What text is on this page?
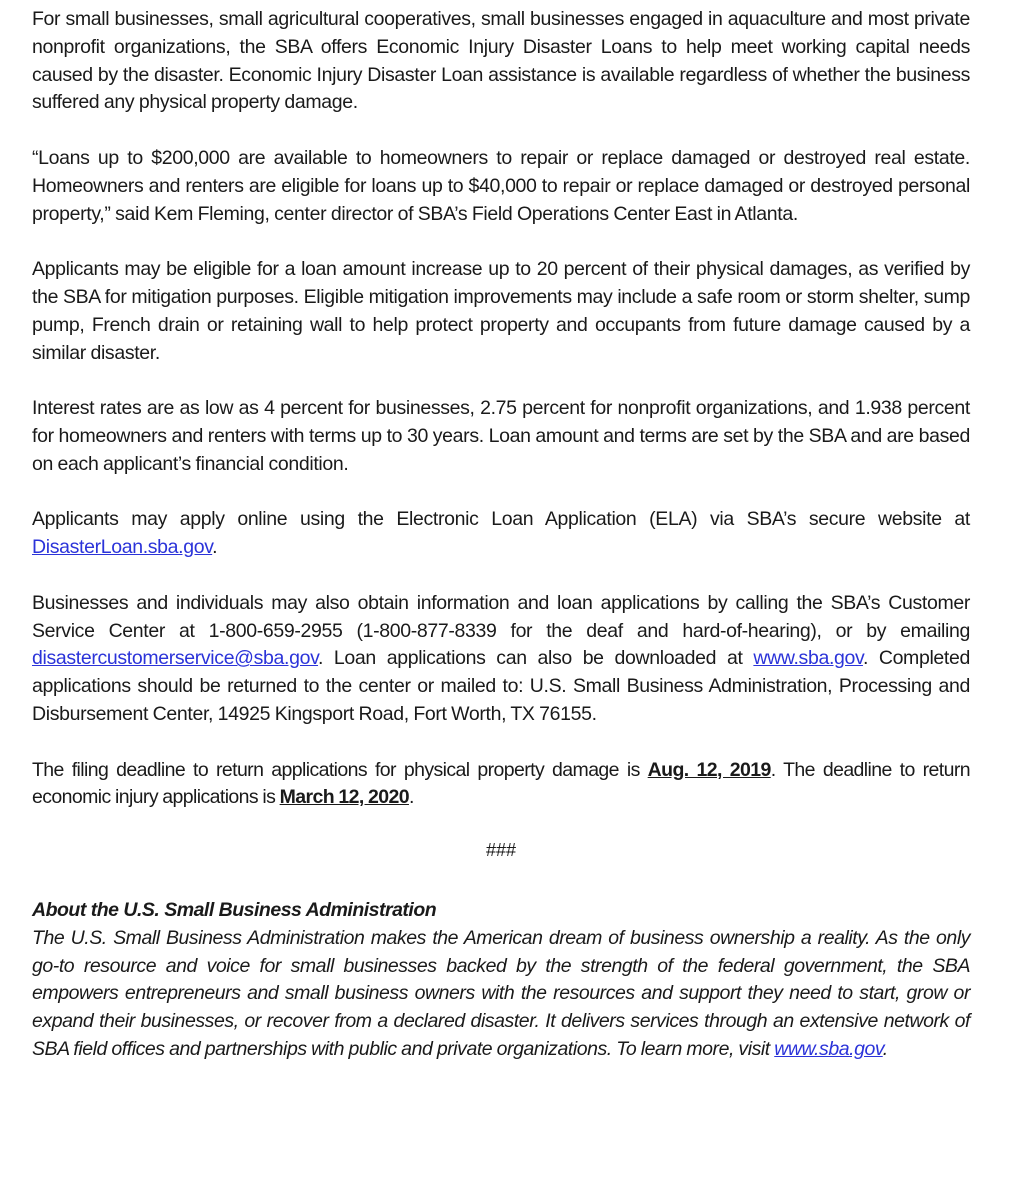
For small businesses, small agricultural cooperatives, small businesses engaged in aquaculture and most private nonprofit organizations, the SBA offers Economic Injury Disaster Loans to help meet working capital needs caused by the disaster. Economic Injury Disaster Loan assistance is available regardless of whether the business suffered any physical property damage.

“Loans up to $200,000 are available to homeowners to repair or replace damaged or destroyed real estate. Homeowners and renters are eligible for loans up to $40,000 to repair or replace damaged or destroyed personal property,” said Kem Fleming, center director of SBA’s Field Operations Center East in Atlanta.

Applicants may be eligible for a loan amount increase up to 20 percent of their physical damages, as verified by the SBA for mitigation purposes. Eligible mitigation improvements may include a safe room or storm shelter, sump pump, French drain or retaining wall to help protect property and occupants from future damage caused by a similar disaster.

Interest rates are as low as 4 percent for businesses, 2.75 percent for nonprofit organizations, and 1.938 percent for homeowners and renters with terms up to 30 years. Loan amount and terms are set by the SBA and are based on each applicant’s financial condition.

Applicants may apply online using the Electronic Loan Application (ELA) via SBA’s secure website at DisasterLoan.sba.gov.

Businesses and individuals may also obtain information and loan applications by calling the SBA’s Customer Service Center at 1-800-659-2955 (1-800-877-8339 for the deaf and hard-of-hearing), or by emailing disastercustomerservice@sba.gov. Loan applications can also be downloaded at www.sba.gov. Completed applications should be returned to the center or mailed to: U.S. Small Business Administration, Processing and Disbursement Center, 14925 Kingsport Road, Fort Worth, TX 76155.

The filing deadline to return applications for physical property damage is Aug. 12, 2019. The deadline to return economic injury applications is March 12, 2020.

###

About the U.S. Small Business Administration

The U.S. Small Business Administration makes the American dream of business ownership a reality. As the only go-to resource and voice for small businesses backed by the strength of the federal government, the SBA empowers entrepreneurs and small business owners with the resources and support they need to start, grow or expand their businesses, or recover from a declared disaster. It delivers services through an extensive network of SBA field offices and partnerships with public and private organizations. To learn more, visit www.sba.gov.
